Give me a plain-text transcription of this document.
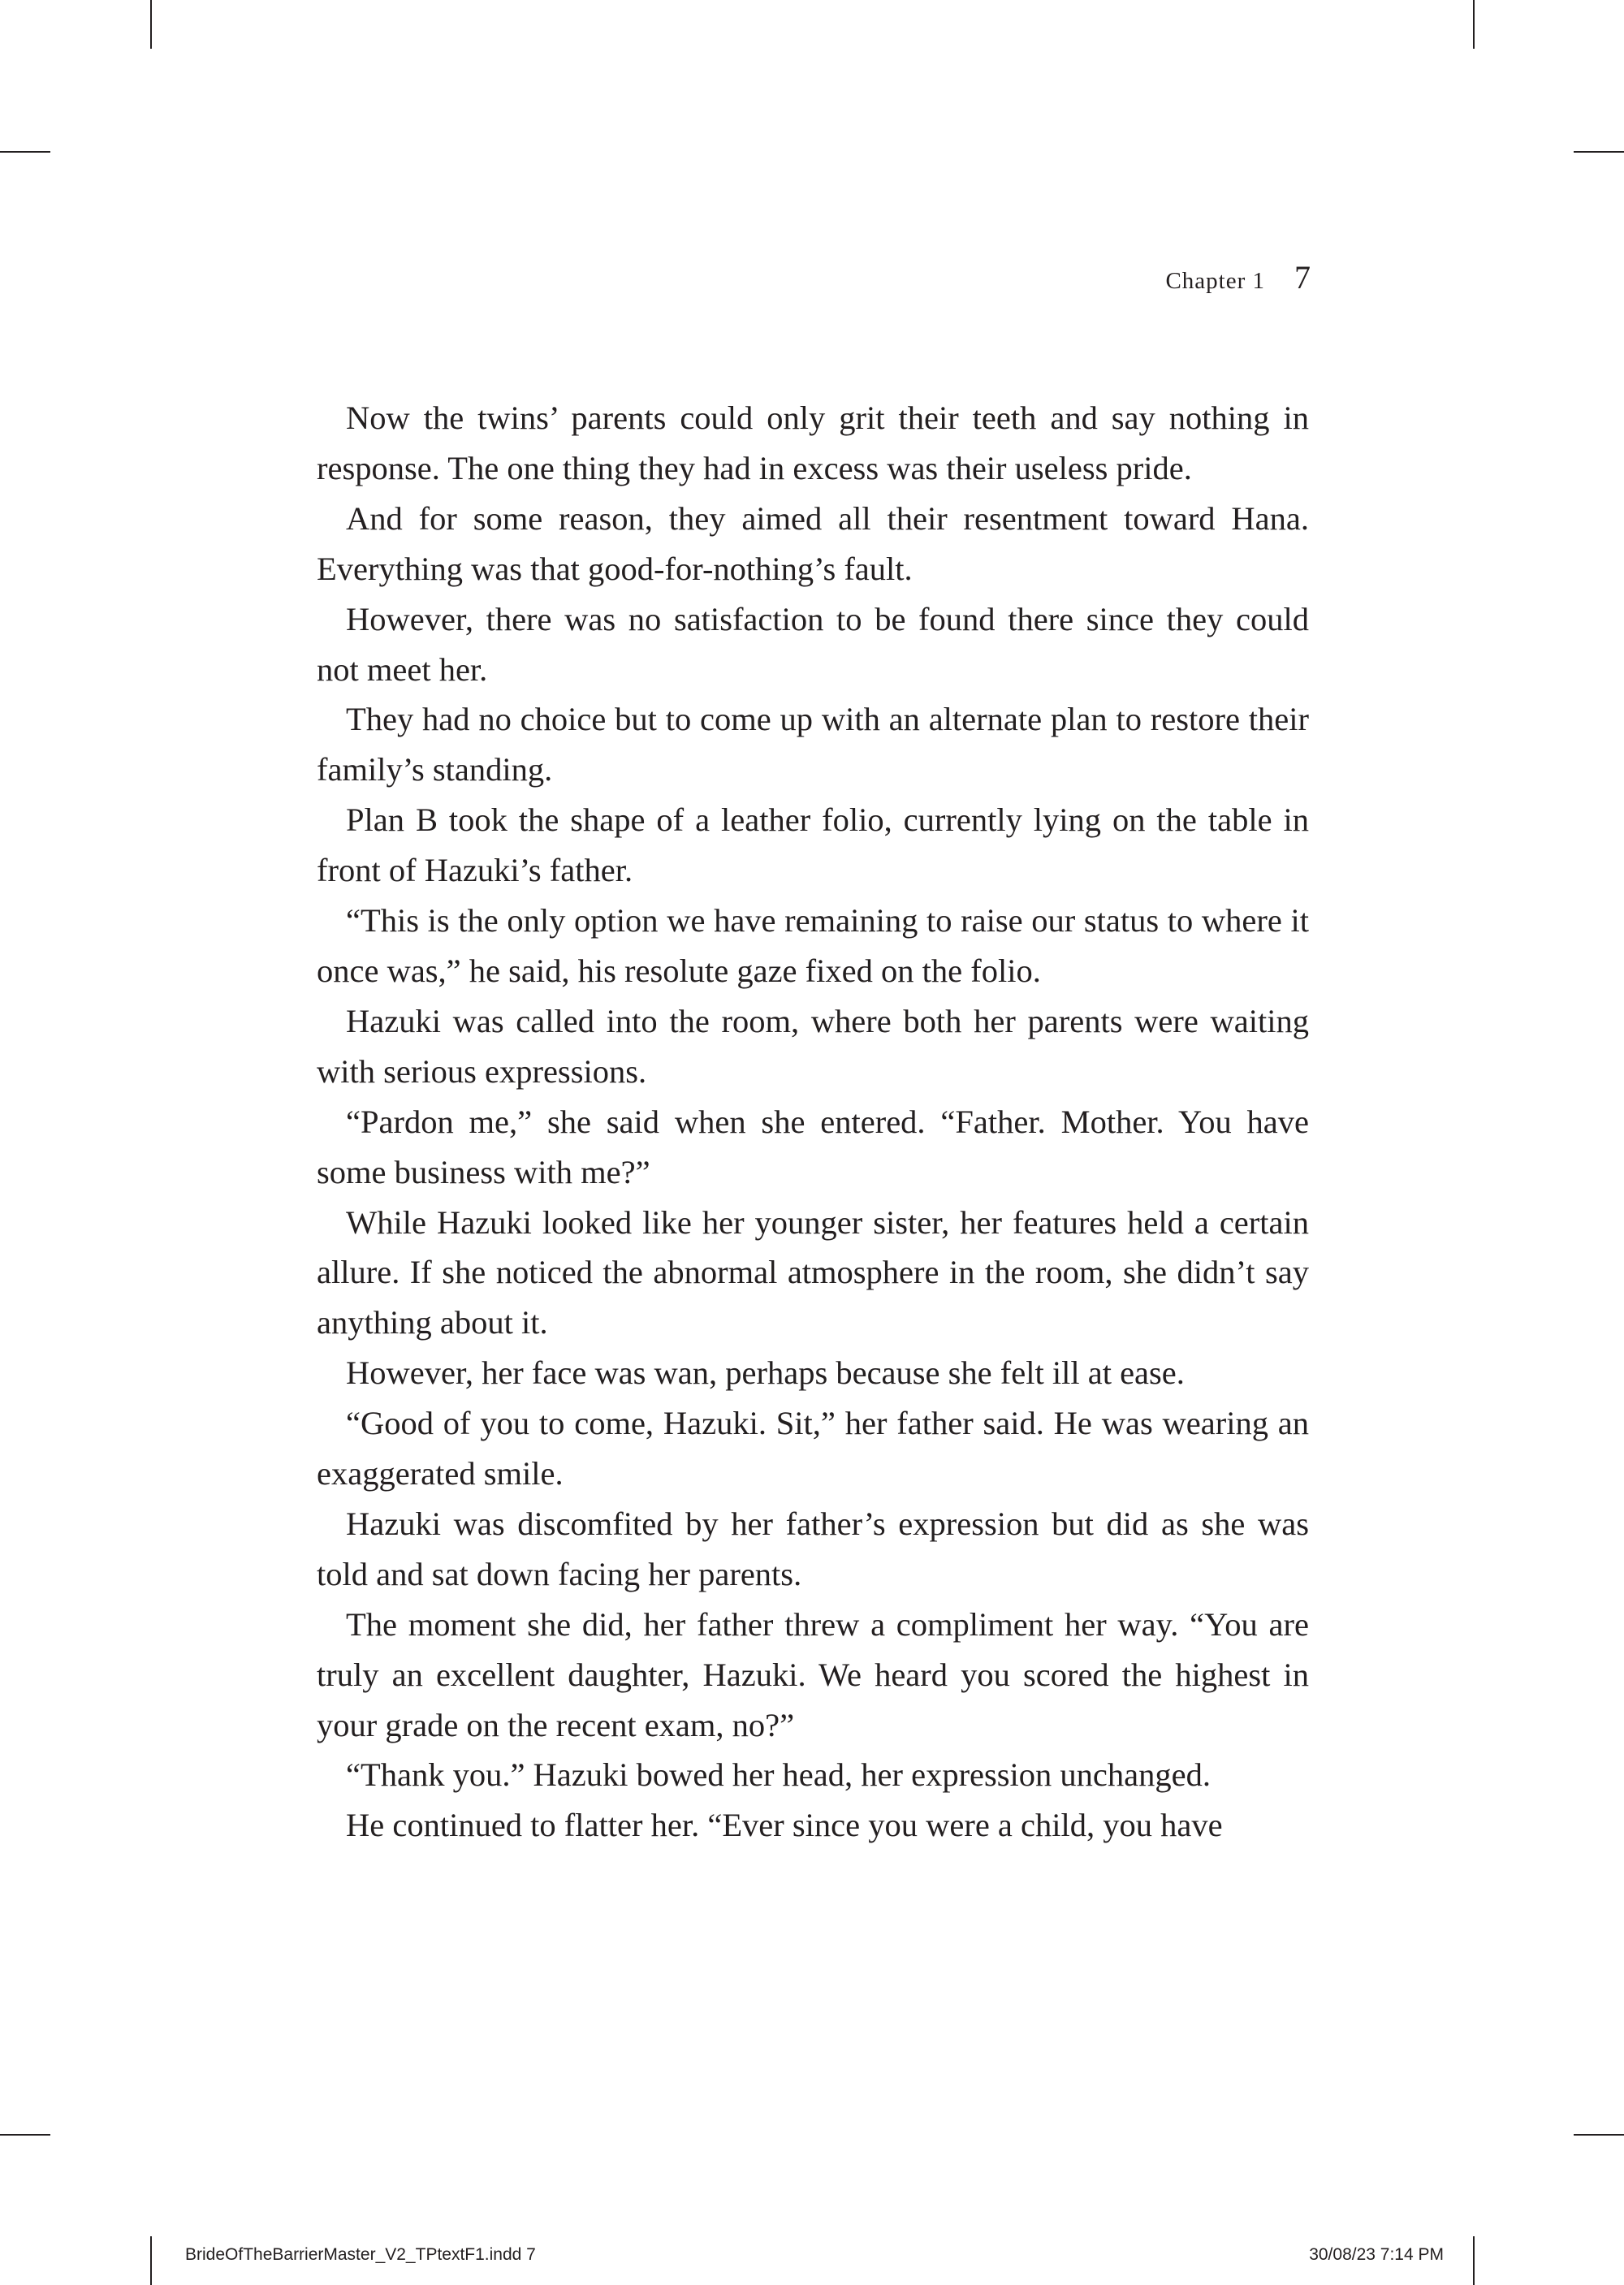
Chapter 1 7

Now the twins’ parents could only grit their teeth and say nothing in response. The one thing they had in excess was their useless pride.

And for some reason, they aimed all their resentment toward Hana. Everything was that good-for-nothing’s fault.

However, there was no satisfaction to be found there since they could not meet her.

They had no choice but to come up with an alternate plan to restore their family’s standing.

Plan B took the shape of a leather folio, currently lying on the table in front of Hazuki’s father.

“This is the only option we have remaining to raise our status to where it once was,” he said, his resolute gaze fixed on the folio.

Hazuki was called into the room, where both her parents were waiting with serious expressions.

“Pardon me,” she said when she entered. “Father. Mother. You have some business with me?”

While Hazuki looked like her younger sister, her features held a certain allure. If she noticed the abnormal atmosphere in the room, she didn’t say anything about it.

However, her face was wan, perhaps because she felt ill at ease.

“Good of you to come, Hazuki. Sit,” her father said. He was wearing an exaggerated smile.

Hazuki was discomfited by her father’s expression but did as she was told and sat down facing her parents.

The moment she did, her father threw a compliment her way. “You are truly an excellent daughter, Hazuki. We heard you scored the highest in your grade on the recent exam, no?”

“Thank you.” Hazuki bowed her head, her expression unchanged.

He continued to flatter her. “Ever since you were a child, you have

BrideOfTheBarrierMaster_V2_TPtextF1.indd 7	30/08/23 7:14 PM
